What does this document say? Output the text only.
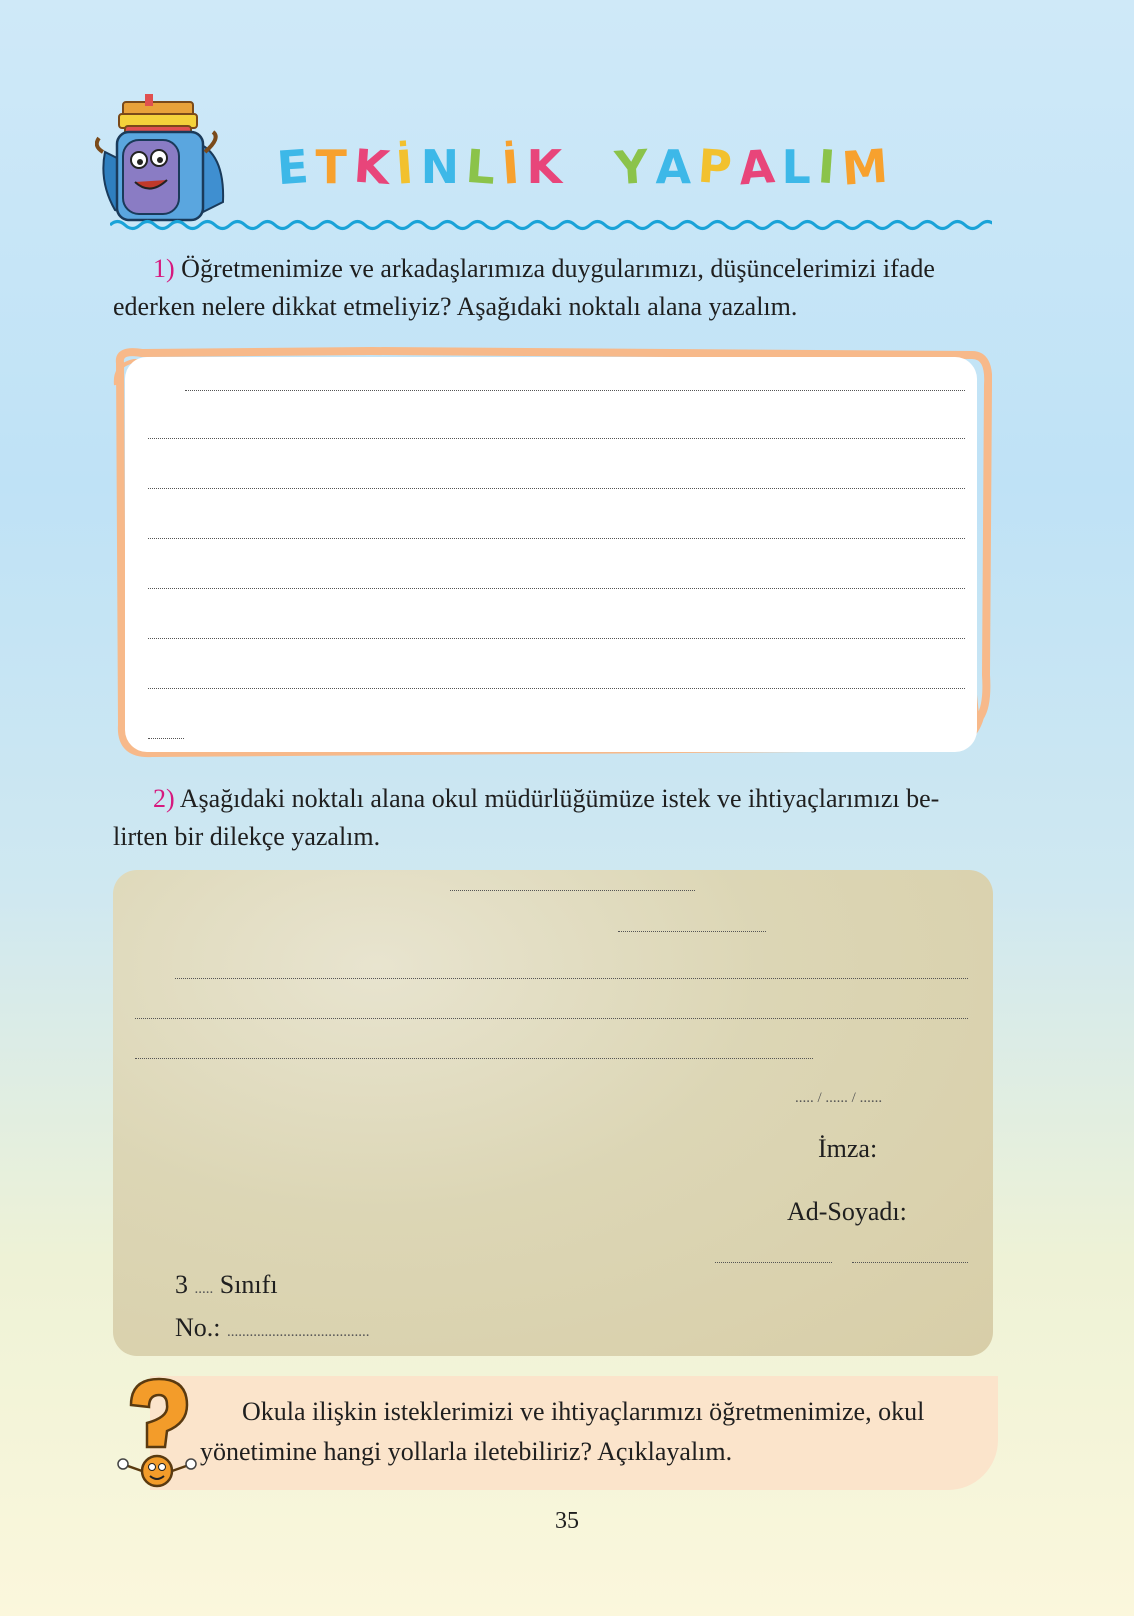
ETKİNLİK YAPALIM
1) Öğretmenimize ve arkadaşlarımıza duygularımızı, düşüncelerimizi ifade
ederken nelere dikkat etmeliyiz? Aşağıdaki noktalı alana yazalım.
2) Aşağıdaki noktalı alana okul müdürlüğümüze istek ve ihtiyaçlarımızı be-
lirten bir dilekçe yazalım.
..... / ...... / ......
İmza:
Ad-Soyadı:
3 ..... Sınıfı
No.: ......................................
Okula ilişkin isteklerimizi ve ihtiyaçlarımızı öğretmenimize, okul
yönetimine hangi yollarla iletebiliriz? Açıklayalım.
35
